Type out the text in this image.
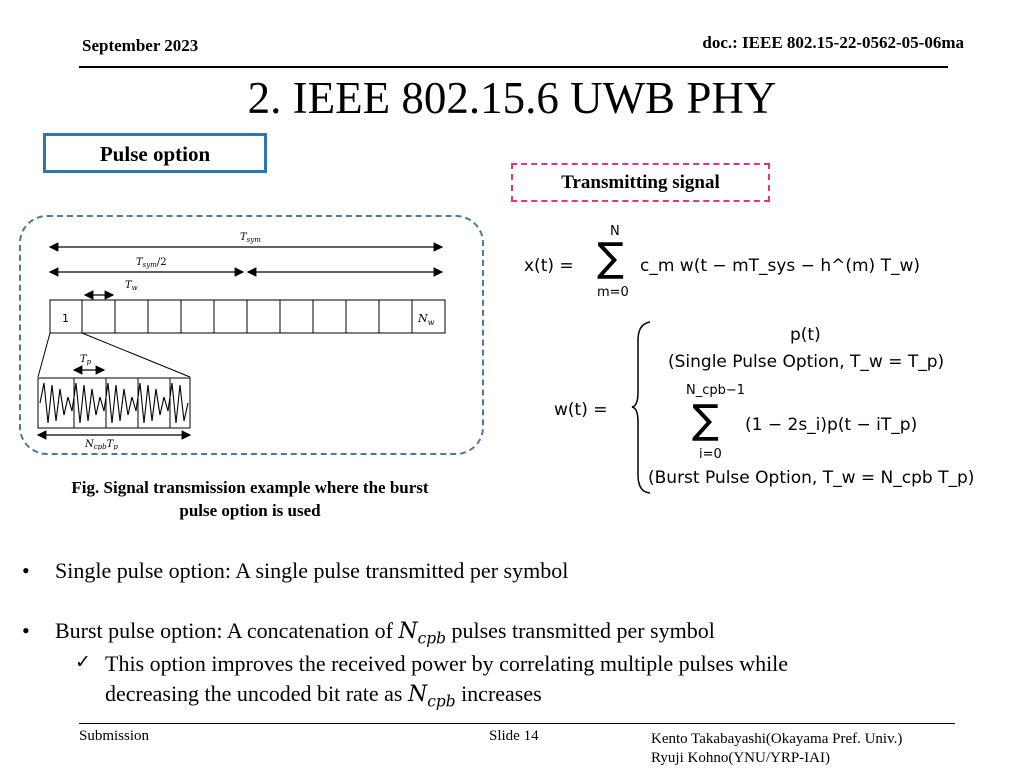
September 2023	doc.: IEEE 802.15-22-0562-05-06ma
2. IEEE 802.15.6 UWB PHY
Pulse option
Transmitting signal
$T_{sym}$
$T_{sym}/2$
$T_w$
1	$N_w$
$T_p$
$N_{cpb}T_p$
Fig. Signal transmission example where the burst
pulse option is used
x(t) =
N
∑
m=0
c_m w(t − mT_sys − h^(m) T_w)
w(t) =
p(t)
(Single Pulse Option, T_w = T_p)
N_cpb−1
∑
i=0
(1 − 2s_i)p(t − iT_p)
(Burst Pulse Option, T_w = N_cpb T_p)
• Single pulse option: A single pulse transmitted per symbol
• Burst pulse option: A concatenation of $N_{cpb}$ pulses transmitted per symbol
✓ This option improves the received power by correlating multiple pulses while
decreasing the uncoded bit rate as $N_{cpb}$ increases
Submission	Slide 14	Kento Takabayashi(Okayama Pref. Univ.)
Ryuji Kohno(YNU/YRP-IAI)
